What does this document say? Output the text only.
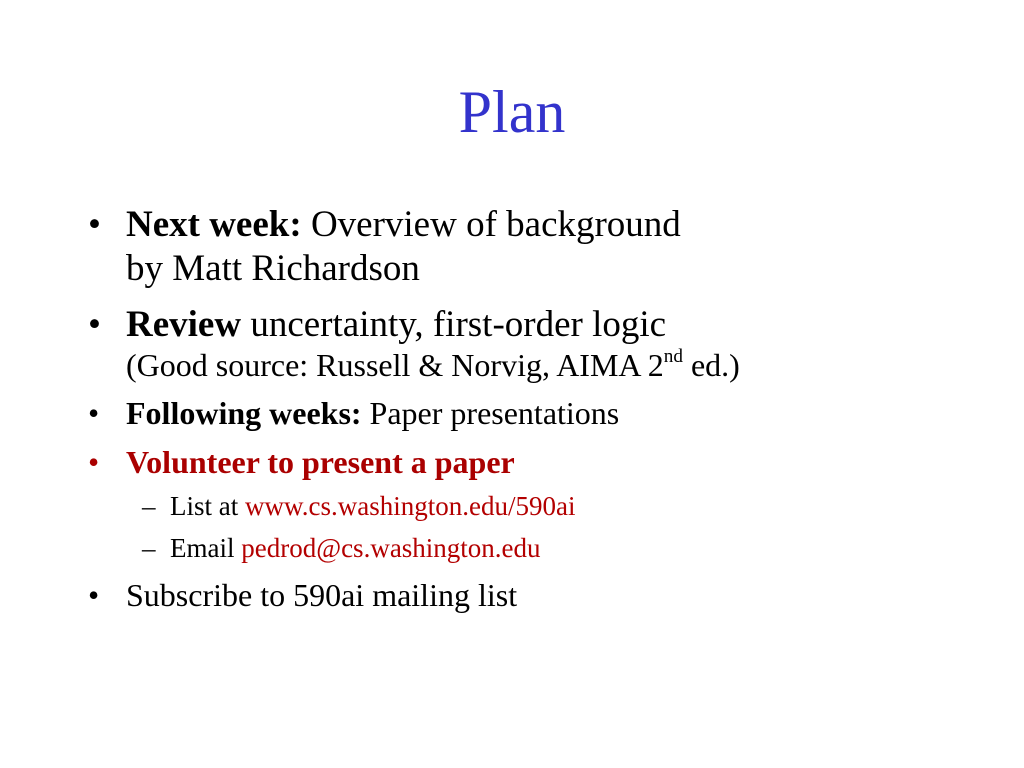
Plan
• Next week: Overview of background
by Matt Richardson
• Review uncertainty, first-order logic
(Good source: Russell & Norvig, AIMA 2nd ed.)
• Following weeks: Paper presentations
• Volunteer to present a paper
– List at www.cs.washington.edu/590ai
– Email pedrod@cs.washington.edu
• Subscribe to 590ai mailing list
